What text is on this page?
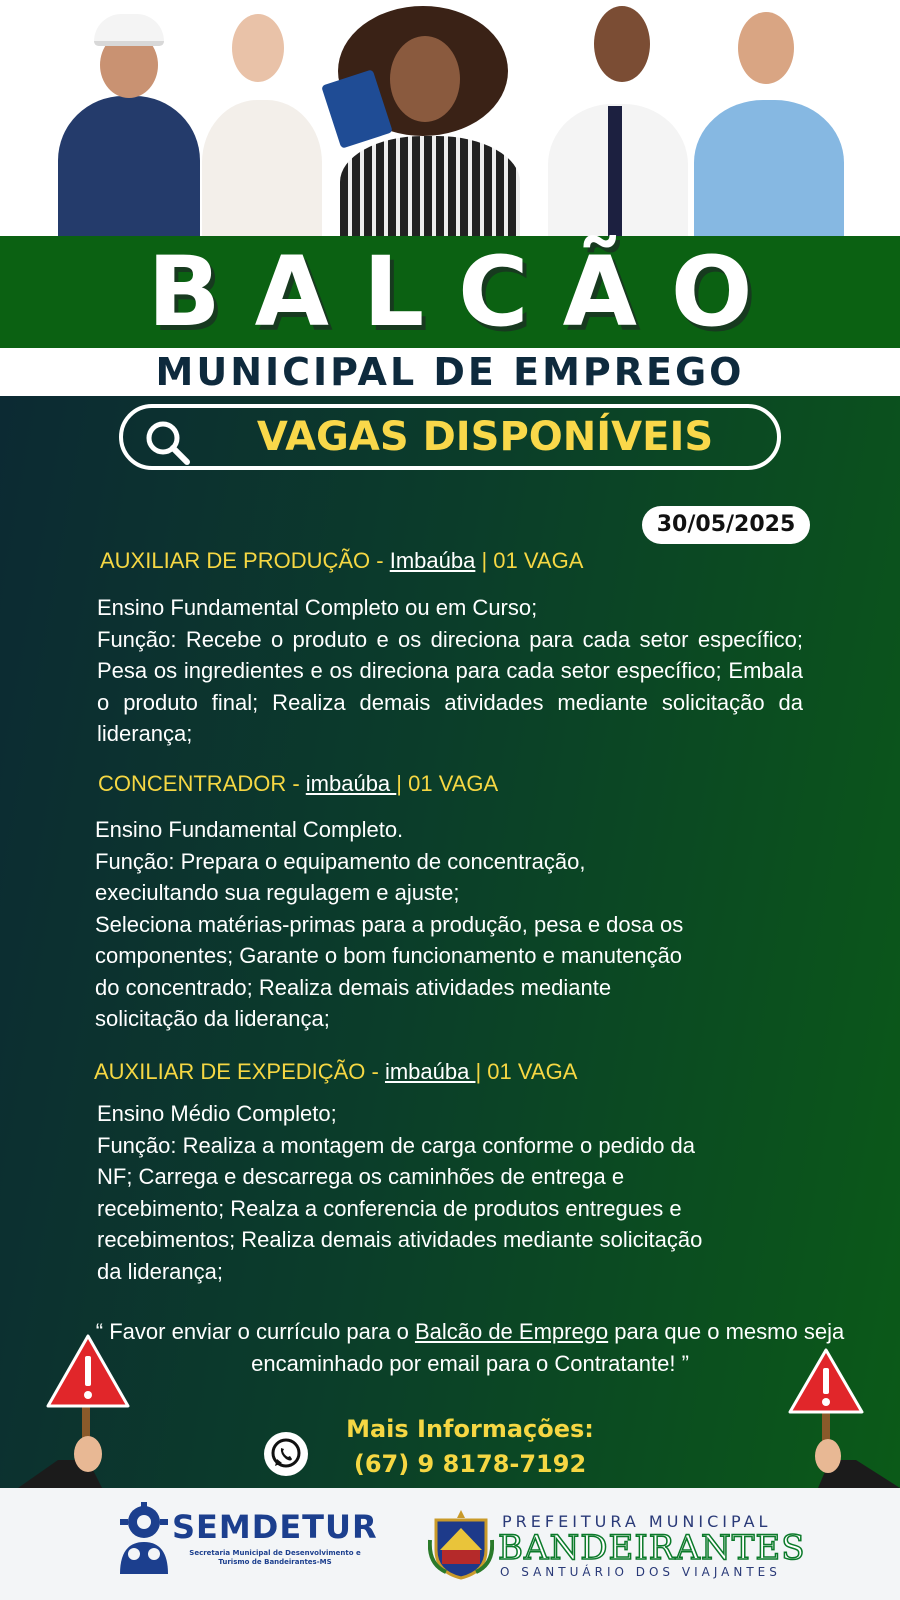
BALCÃO
MUNICIPAL DE EMPREGO
VAGAS DISPONÍVEIS
30/05/2025
AUXILIAR DE PRODUÇÃO - Imbaúba | 01 VAGA

Ensino Fundamental Completo ou em Curso;

Função: Recebe o produto e os direciona para cada setor específico; Pesa os ingredientes e os direciona para cada setor específico; Embala o produto final; Realiza demais atividades mediante solicitação da liderança;

CONCENTRADOR - imbaúba | 01 VAGA

Ensino Fundamental Completo.

Função: Prepara o equipamento de concentração,

execiultando sua regulagem e ajuste;

Seleciona matérias-primas para a produção, pesa e dosa os

componentes; Garante o bom funcionamento e manutenção

do concentrado; Realiza demais atividades mediante

solicitação da liderança;

AUXILIAR DE EXPEDIÇÃO - imbaúba | 01 VAGA

Ensino Médio Completo;

Função: Realiza a montagem de carga conforme o pedido da

NF; Carrega e descarrega os caminhões de entrega e

recebimento; Realza a conferencia de produtos entregues e

recebimentos; Realiza demais atividades mediante solicitação

da liderança;

“ Favor enviar o currículo para o Balcão de Emprego para que o mesmo seja encaminhado por email para o Contratante! ”
Mais Informações:
(67) 9 8178-7192
SEMDETUR
Secretaria Municipal de Desenvolvimento e Turismo de Bandeirantes-MS
PREFEITURA MUNICIPAL
BANDEIRANTES
O SANTUÁRIO DOS VIAJANTES
